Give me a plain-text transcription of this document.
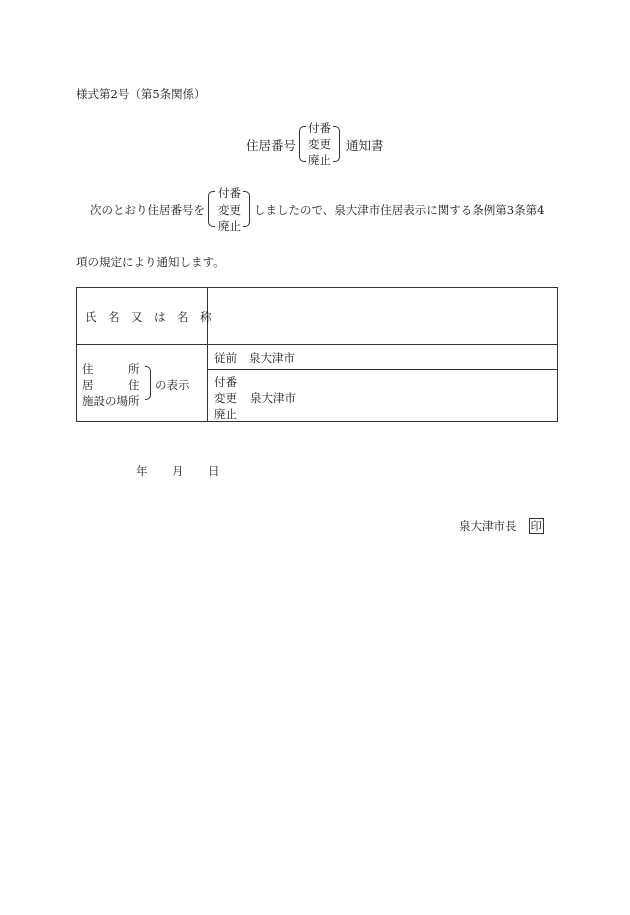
様式第2号（第5条関係）
住居番号
付番
変更
廃止
通知書
次のとおり住居番号を
付番
変更
廃止
しましたので、泉大津市住居表示に関する条例第3条第4
項の規定により通知します。
氏　名　又　は　名　称
住　　　所
居　　　住
施設の場所
の表示
従前 泉大津市
付番
変更
廃止
泉大津市
年 月 日
泉大津市長 印
